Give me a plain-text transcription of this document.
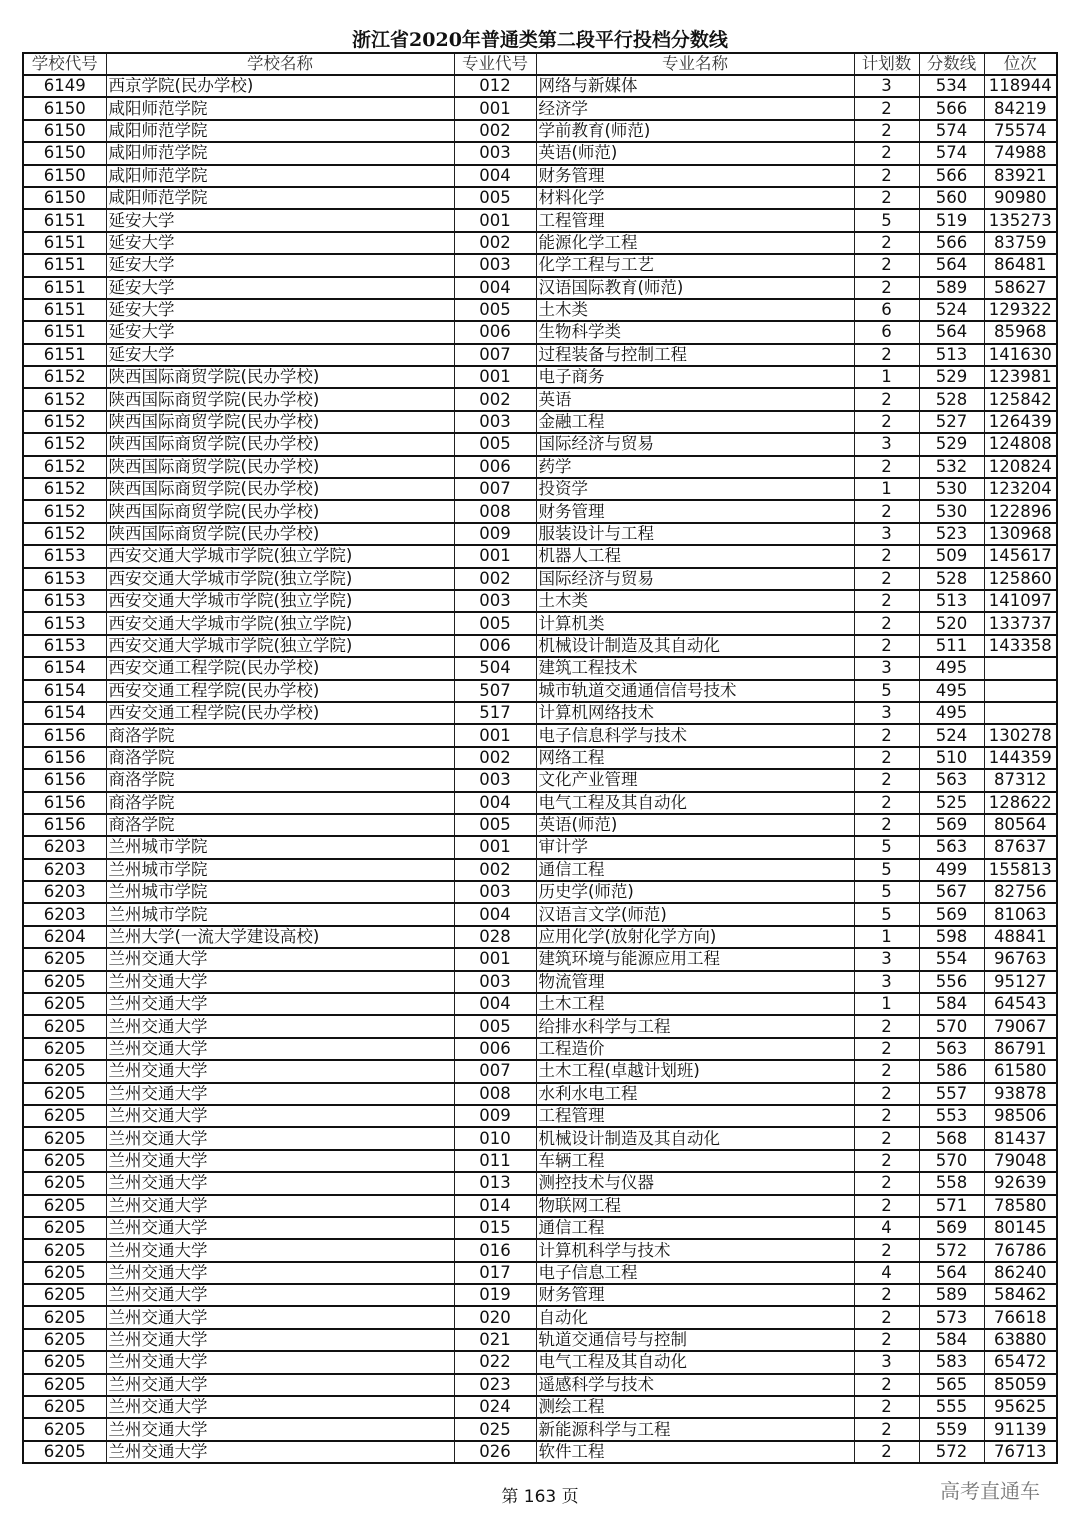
浙江省2020年普通类第二段平行投档分数线
学校代号	学校名称	专业代号	专业名称	计划数	分数线	位次
6149	西京学院(民办学校)	012	网络与新媒体	3	534	118944
6150	咸阳师范学院	001	经济学	2	566	84219
6150	咸阳师范学院	002	学前教育(师范)	2	574	75574
6150	咸阳师范学院	003	英语(师范)	2	574	74988
6150	咸阳师范学院	004	财务管理	2	566	83921
6150	咸阳师范学院	005	材料化学	2	560	90980
6151	延安大学	001	工程管理	5	519	135273
6151	延安大学	002	能源化学工程	2	566	83759
6151	延安大学	003	化学工程与工艺	2	564	86481
6151	延安大学	004	汉语国际教育(师范)	2	589	58627
6151	延安大学	005	土木类	6	524	129322
6151	延安大学	006	生物科学类	6	564	85968
6151	延安大学	007	过程装备与控制工程	2	513	141630
6152	陕西国际商贸学院(民办学校)	001	电子商务	1	529	123981
6152	陕西国际商贸学院(民办学校)	002	英语	2	528	125842
6152	陕西国际商贸学院(民办学校)	003	金融工程	2	527	126439
6152	陕西国际商贸学院(民办学校)	005	国际经济与贸易	3	529	124808
6152	陕西国际商贸学院(民办学校)	006	药学	2	532	120824
6152	陕西国际商贸学院(民办学校)	007	投资学	1	530	123204
6152	陕西国际商贸学院(民办学校)	008	财务管理	2	530	122896
6152	陕西国际商贸学院(民办学校)	009	服装设计与工程	3	523	130968
6153	西安交通大学城市学院(独立学院)	001	机器人工程	2	509	145617
6153	西安交通大学城市学院(独立学院)	002	国际经济与贸易	2	528	125860
6153	西安交通大学城市学院(独立学院)	003	土木类	2	513	141097
6153	西安交通大学城市学院(独立学院)	005	计算机类	2	520	133737
6153	西安交通大学城市学院(独立学院)	006	机械设计制造及其自动化	2	511	143358
6154	西安交通工程学院(民办学校)	504	建筑工程技术	3	495	
6154	西安交通工程学院(民办学校)	507	城市轨道交通通信信号技术	5	495	
6154	西安交通工程学院(民办学校)	517	计算机网络技术	3	495	
6156	商洛学院	001	电子信息科学与技术	2	524	130278
6156	商洛学院	002	网络工程	2	510	144359
6156	商洛学院	003	文化产业管理	2	563	87312
6156	商洛学院	004	电气工程及其自动化	2	525	128622
6156	商洛学院	005	英语(师范)	2	569	80564
6203	兰州城市学院	001	审计学	5	563	87637
6203	兰州城市学院	002	通信工程	5	499	155813
6203	兰州城市学院	003	历史学(师范)	5	567	82756
6203	兰州城市学院	004	汉语言文学(师范)	5	569	81063
6204	兰州大学(一流大学建设高校)	028	应用化学(放射化学方向)	1	598	48841
6205	兰州交通大学	001	建筑环境与能源应用工程	3	554	96763
6205	兰州交通大学	003	物流管理	3	556	95127
6205	兰州交通大学	004	土木工程	1	584	64543
6205	兰州交通大学	005	给排水科学与工程	2	570	79067
6205	兰州交通大学	006	工程造价	2	563	86791
6205	兰州交通大学	007	土木工程(卓越计划班)	2	586	61580
6205	兰州交通大学	008	水利水电工程	2	557	93878
6205	兰州交通大学	009	工程管理	2	553	98506
6205	兰州交通大学	010	机械设计制造及其自动化	2	568	81437
6205	兰州交通大学	011	车辆工程	2	570	79048
6205	兰州交通大学	013	测控技术与仪器	2	558	92639
6205	兰州交通大学	014	物联网工程	2	571	78580
6205	兰州交通大学	015	通信工程	4	569	80145
6205	兰州交通大学	016	计算机科学与技术	2	572	76786
6205	兰州交通大学	017	电子信息工程	4	564	86240
6205	兰州交通大学	019	财务管理	2	589	58462
6205	兰州交通大学	020	自动化	2	573	76618
6205	兰州交通大学	021	轨道交通信号与控制	2	584	63880
6205	兰州交通大学	022	电气工程及其自动化	3	583	65472
6205	兰州交通大学	023	遥感科学与技术	2	565	85059
6205	兰州交通大学	024	测绘工程	2	555	95625
6205	兰州交通大学	025	新能源科学与工程	2	559	91139
6205	兰州交通大学	026	软件工程	2	572	76713
第 163 页	高考直通车
